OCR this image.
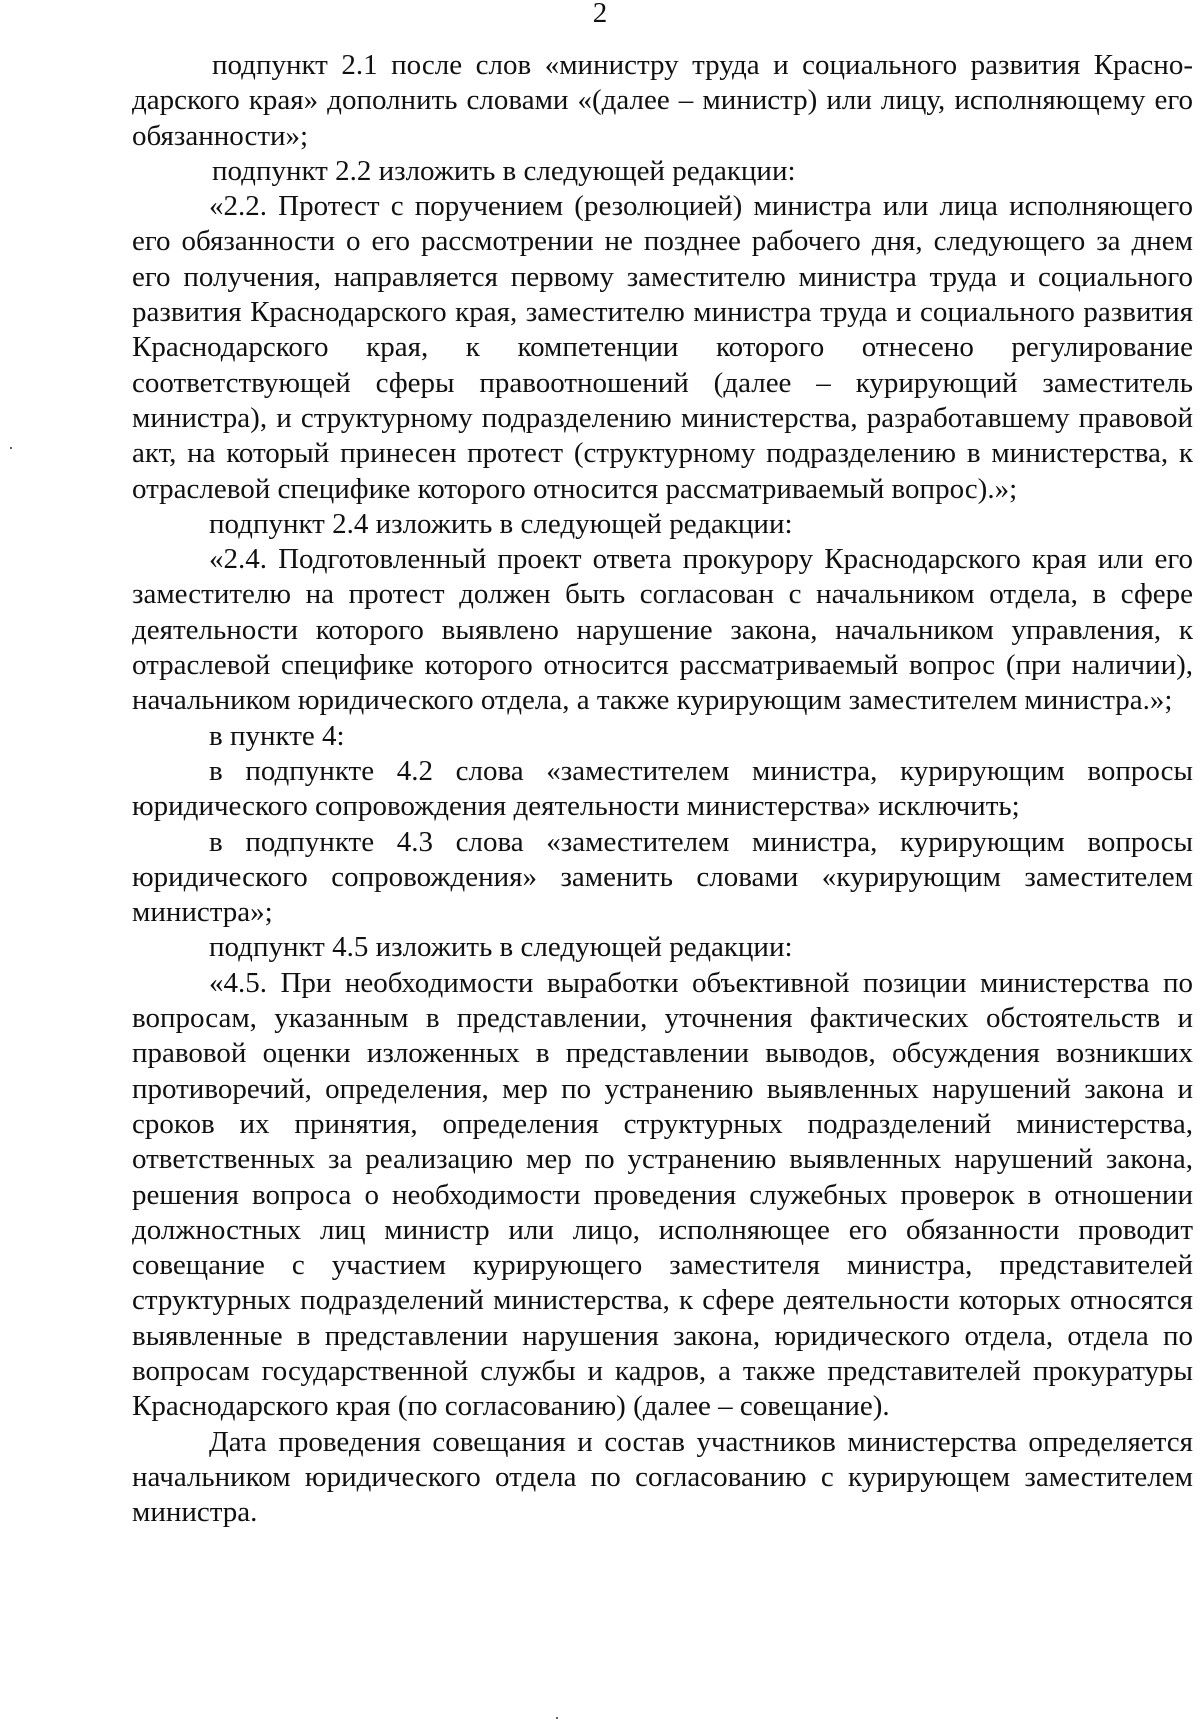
2

подпункт 2.1 после слов «министру труда и социального развития Краснодарского края» дополнить словами «(далее – министр) или лицу, исполняющему его обязанности»;

подпункт 2.2 изложить в следующей редакции:

«2.2. Протест с поручением (резолюцией) министра или лица исполняющего его обязанности о его рассмотрении не позднее рабочего дня, следующего за днем его получения, направляется первому заместителю министра труда и социального развития Краснодарского края, заместителю министра труда и социального развития Краснодарского края, к компетенции которого отнесено регулирование соответствующей сферы правоотношений (далее – курирующий заместитель министра), и структурному подразделению министерства, разработавшему правовой акт, на который принесен протест (структурному подразделению в министерства, к отраслевой специфике которого относится рассматриваемый вопрос).»;

подпункт 2.4 изложить в следующей редакции:

«2.4. Подготовленный проект ответа прокурору Краснодарского края или его заместителю на протест должен быть согласован с начальником отдела, в сфере деятельности которого выявлено нарушение закона, начальником управления, к отраслевой специфике которого относится рассматриваемый вопрос (при наличии), начальником юридического отдела, а также курирующим заместителем министра.»;

в пункте 4:

в подпункте 4.2 слова «заместителем министра, курирующим вопросы юридического сопровождения деятельности министерства» исключить;

в подпункте 4.3 слова «заместителем министра, курирующим вопросы юридического сопровождения» заменить словами «курирующим заместителем министра»;

подпункт 4.5 изложить в следующей редакции:

«4.5. При необходимости выработки объективной позиции министерства по вопросам, указанным в представлении, уточнения фактических обстоятельств и правовой оценки изложенных в представлении выводов, обсуждения возникших противоречий, определения, мер по устранению выявленных нарушений закона и сроков их принятия, определения структурных подразделений министерства, ответственных за реализацию мер по устранению выявленных нарушений закона, решения вопроса о необходимости проведения служебных проверок в отношении должностных лиц министр или лицо, исполняющее его обязанности проводит совещание с участием курирующего заместителя министра, представителей структурных подразделений министерства, к сфере деятельности которых относятся выявленные в представлении нарушения закона, юридического отдела, отдела по вопросам государственной службы и кадров, а также представителей прокуратуры Краснодарского края (по согласованию) (далее – совещание).

Дата проведения совещания и состав участников министерства определяется начальником юридического отдела по согласованию с курирующем заместителем министра.
